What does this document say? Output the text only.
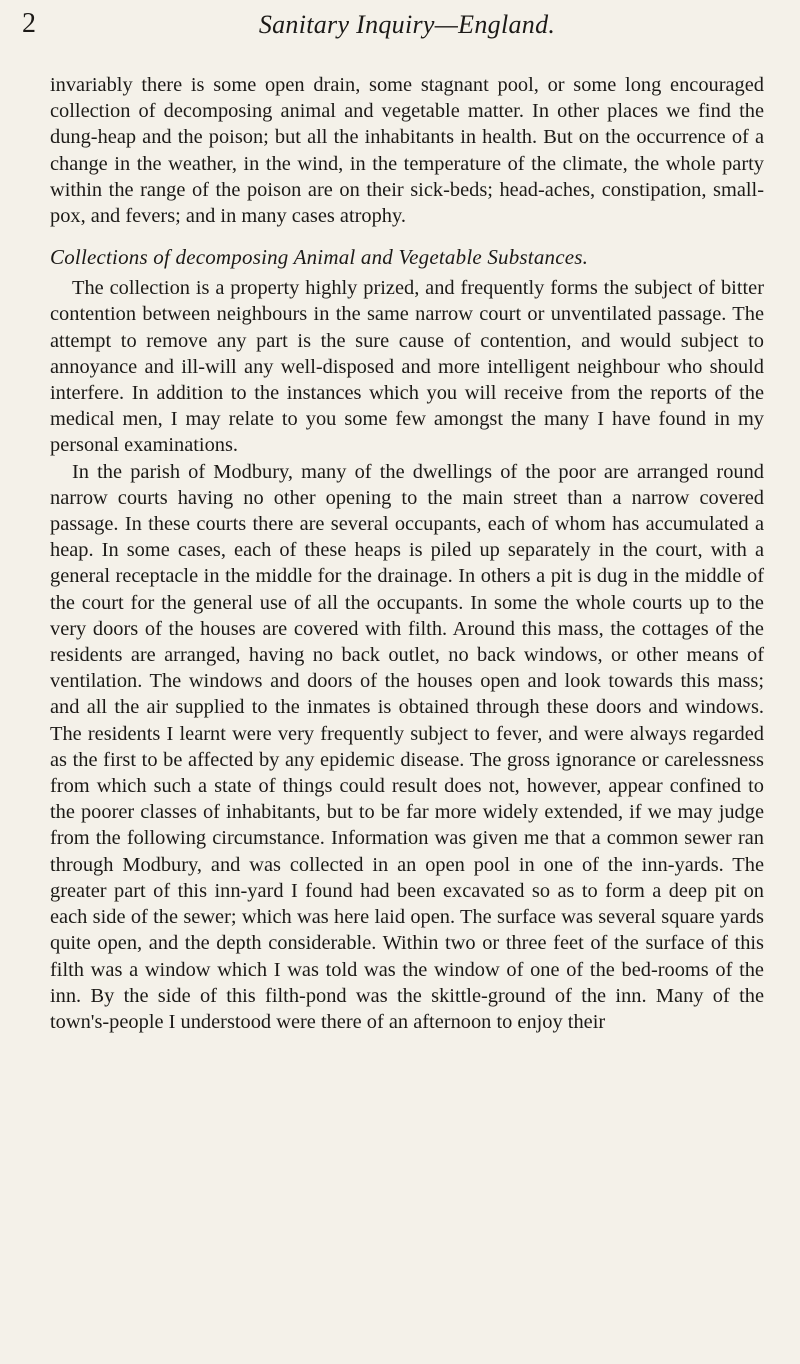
2	Sanitary Inquiry—England.

invariably there is some open drain, some stagnant pool, or some long encouraged collection of decomposing animal and vegetable matter. In other places we find the dung-heap and the poison; but all the inhabitants in health. But on the occurrence of a change in the weather, in the wind, in the temperature of the climate, the whole party within the range of the poison are on their sick-beds; head-aches, constipation, small-pox, and fevers; and in many cases atrophy.

Collections of decomposing Animal and Vegetable Substances.

The collection is a property highly prized, and frequently forms the subject of bitter contention between neighbours in the same narrow court or unventilated passage. The attempt to remove any part is the sure cause of contention, and would subject to annoyance and ill-will any well-disposed and more intelligent neighbour who should interfere. In addition to the instances which you will receive from the reports of the medical men, I may relate to you some few amongst the many I have found in my personal examinations.

In the parish of Modbury, many of the dwellings of the poor are arranged round narrow courts having no other opening to the main street than a narrow covered passage. In these courts there are several occupants, each of whom has accumulated a heap. In some cases, each of these heaps is piled up separately in the court, with a general receptacle in the middle for the drainage. In others a pit is dug in the middle of the court for the general use of all the occupants. In some the whole courts up to the very doors of the houses are covered with filth. Around this mass, the cottages of the residents are arranged, having no back outlet, no back windows, or other means of ventilation. The windows and doors of the houses open and look towards this mass; and all the air supplied to the inmates is obtained through these doors and windows. The residents I learnt were very frequently subject to fever, and were always regarded as the first to be affected by any epidemic disease. The gross ignorance or carelessness from which such a state of things could result does not, however, appear confined to the poorer classes of inhabitants, but to be far more widely extended, if we may judge from the following circumstance. Information was given me that a common sewer ran through Modbury, and was collected in an open pool in one of the inn-yards. The greater part of this inn-yard I found had been excavated so as to form a deep pit on each side of the sewer; which was here laid open. The surface was several square yards quite open, and the depth considerable. Within two or three feet of the surface of this filth was a window which I was told was the window of one of the bed-rooms of the inn. By the side of this filth-pond was the skittle-ground of the inn. Many of the town's-people I understood were there of an afternoon to enjoy their
